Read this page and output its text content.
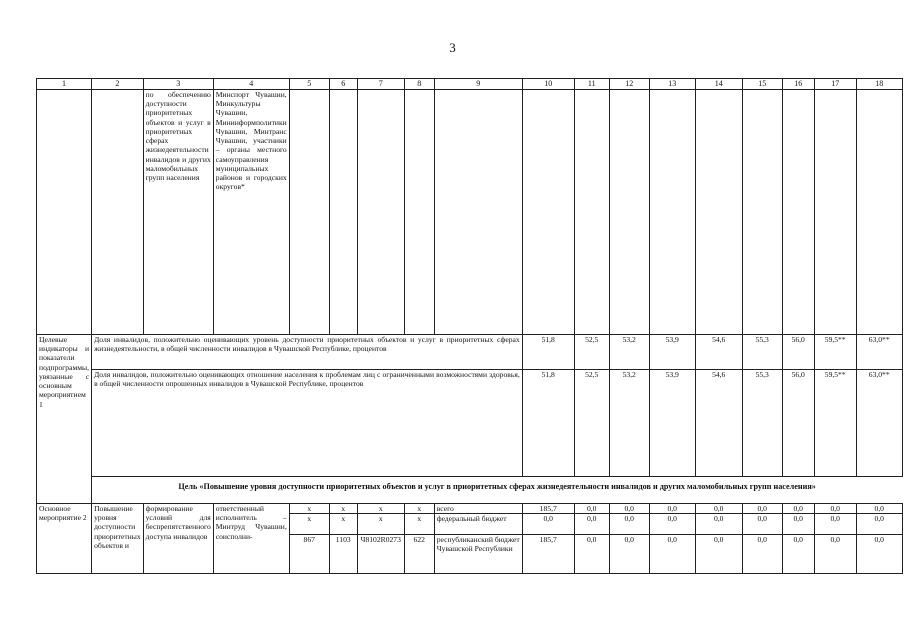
3
1	2	3	4	5	6	7	8	9	10	11	12	13	14	15	16	17	18
		по обеспечению доступности приоритетных объектов и услуг в приоритетных сферах жизнедеятельности инвалидов и других маломобильных групп населения	Минспорт Чувашии, Минкультуры Чувашии, Mининформполитики Чувашии, Минтранс Чувашии, участники – органы местного самоуправления муниципальных районов и городских округов*														
Целевые индикаторы и показатели подпрограммы, увязанные с основным мероприятием 1	Доля инвалидов, положительно оценивающих уровень доступности приоритетных объектов и услуг в приоритетных сферах жизнедеятельности, в общей численности инвалидов в Чувашской Республике, процентов								51,8	52,5	53,2	53,9	54,6	55,3	56,0	59,5**	63,0**
	Доля инвалидов, положительно оценивающих отношение населения к проблемам лиц с ограниченными возможностями здоровья, в общей численности опрошенных инвалидов в Чувашской Республике, процентов								51,8	52,5	53,2	53,9	54,6	55,3	56,0	59,5**	63,0**
	Цель «Повышение уровня доступности приоритетных объектов и услуг в приоритетных сферах жизнедеятельности инвалидов и других маломобильных групп населения»																
Основное мероприятие 2	Повышение уровня доступности приоритетных объектов и	формирование условий для беспрепятственного доступа инвалидов	ответственный исполнитель – Минтруд Чувашии, соисполни-	x	x	x	x	всего	185,7	0,0	0,0	0,0	0,0	0,0	0,0	0,0	0,0
				x	x	x	x	федеральный бюджет	0,0	0,0	0,0	0,0	0,0	0,0	0,0	0,0	0,0
				867	1103	Ч8102R0273	622	республиканский бюджет Чувашской Республики	185,7	0,0	0,0	0,0	0,0	0,0	0,0	0,0	0,0
